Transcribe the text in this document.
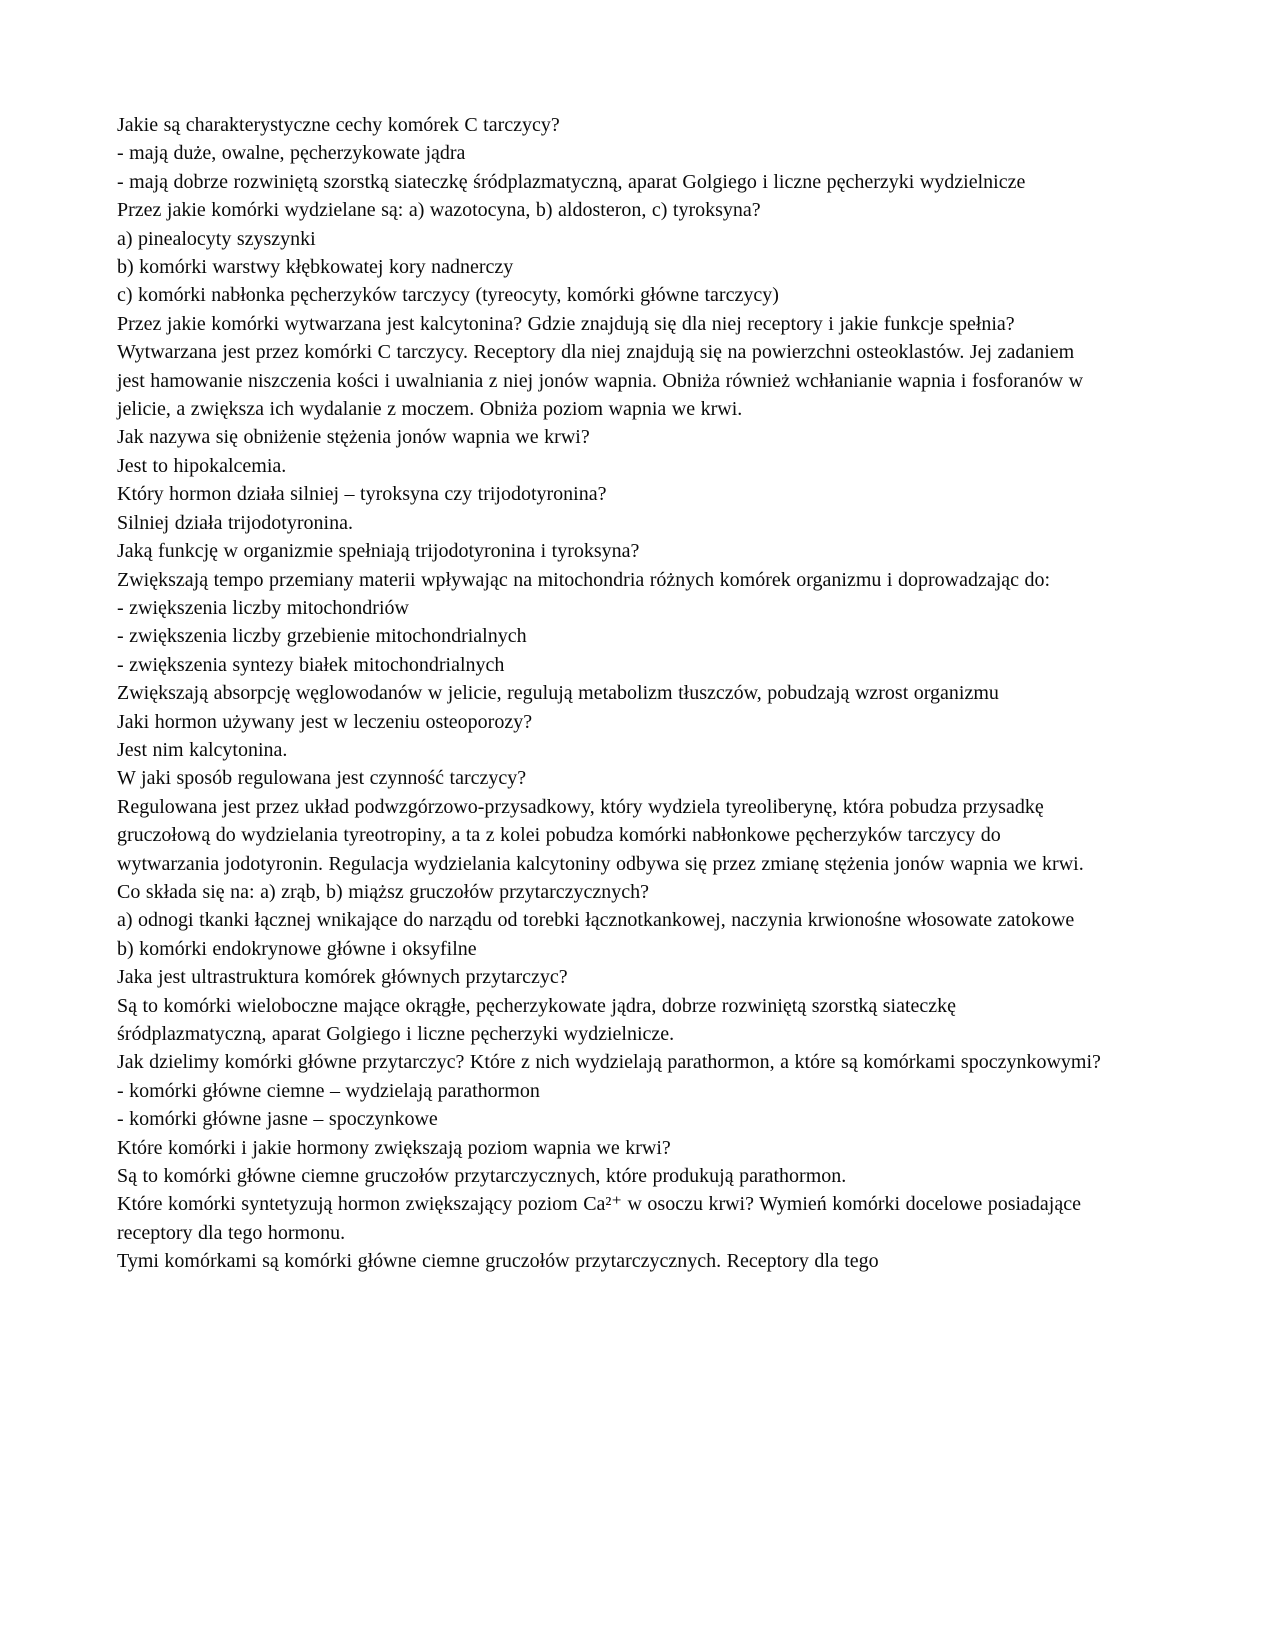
Jakie są charakterystyczne cechy komórek C tarczycy?

- mają duże, owalne, pęcherzykowate jądra

- mają dobrze rozwiniętą szorstką siateczkę śródplazmatyczną, aparat Golgiego i liczne pęcherzyki wydzielnicze

Przez jakie komórki wydzielane są: a) wazotocyna, b) aldosteron, c) tyroksyna?

a) pinealocyty szyszynki

b) komórki warstwy kłębkowatej kory nadnerczy

c) komórki nabłonka pęcherzyków tarczycy (tyreocyty, komórki główne tarczycy)

Przez jakie komórki wytwarzana jest kalcytonina? Gdzie znajdują się dla niej receptory i jakie funkcje spełnia?

Wytwarzana jest przez komórki C tarczycy. Receptory dla niej znajdują się na powierzchni osteoklastów. Jej zadaniem jest hamowanie niszczenia kości i uwalniania z niej jonów wapnia. Obniża również wchłanianie wapnia i fosforanów w jelicie, a zwiększa ich wydalanie z moczem. Obniża poziom wapnia we krwi.

Jak nazywa się obniżenie stężenia jonów wapnia we krwi?

Jest to hipokalcemia.

Który hormon działa silniej – tyroksyna czy trijodotyronina?

Silniej działa trijodotyronina.

Jaką funkcję w organizmie spełniają trijodotyronina i tyroksyna?

Zwiększają tempo przemiany materii wpływając na mitochondria różnych komórek organizmu i doprowadzając do:

- zwiększenia liczby mitochondriów

- zwiększenia liczby grzebienie mitochondrialnych

- zwiększenia syntezy białek mitochondrialnych

Zwiększają absorpcję węglowodanów w jelicie, regulują metabolizm tłuszczów, pobudzają wzrost organizmu

Jaki hormon używany jest w leczeniu osteoporozy?

Jest nim kalcytonina.

W jaki sposób regulowana jest czynność tarczycy?

Regulowana jest przez układ podwzgórzowo-przysadkowy, który wydziela tyreoliberynę, która pobudza przysadkę gruczołową do wydzielania tyreotropiny, a ta z kolei pobudza komórki nabłonkowe pęcherzyków tarczycy do wytwarzania jodotyronin. Regulacja wydzielania kalcytoniny odbywa się przez zmianę stężenia jonów wapnia we krwi.

Co składa się na: a) zrąb, b) miąższ gruczołów przytarczycznych?

a) odnogi tkanki łącznej wnikające do narządu od torebki łącznotkankowej, naczynia krwionośne włosowate zatokowe

b) komórki endokrynowe główne i oksyfilne

Jaka jest ultrastruktura komórek głównych przytarczyc?

Są to komórki wieloboczne mające okrągłe, pęcherzykowate jądra, dobrze rozwiniętą szorstką siateczkę śródplazmatyczną, aparat Golgiego i liczne pęcherzyki wydzielnicze.

Jak dzielimy komórki główne przytarczyc? Które z nich wydzielają parathormon, a które są komórkami spoczynkowymi?

- komórki główne ciemne – wydzielają parathormon

- komórki główne jasne – spoczynkowe

Które komórki i jakie hormony zwiększają poziom wapnia we krwi?

Są to komórki główne ciemne gruczołów przytarczycznych, które produkują parathormon.

Które komórki syntetyzują hormon zwiększający poziom Ca²⁺ w osoczu krwi? Wymień komórki docelowe posiadające receptory dla tego hormonu.

Tymi komórkami są komórki główne ciemne gruczołów przytarczycznych. Receptory dla tego
